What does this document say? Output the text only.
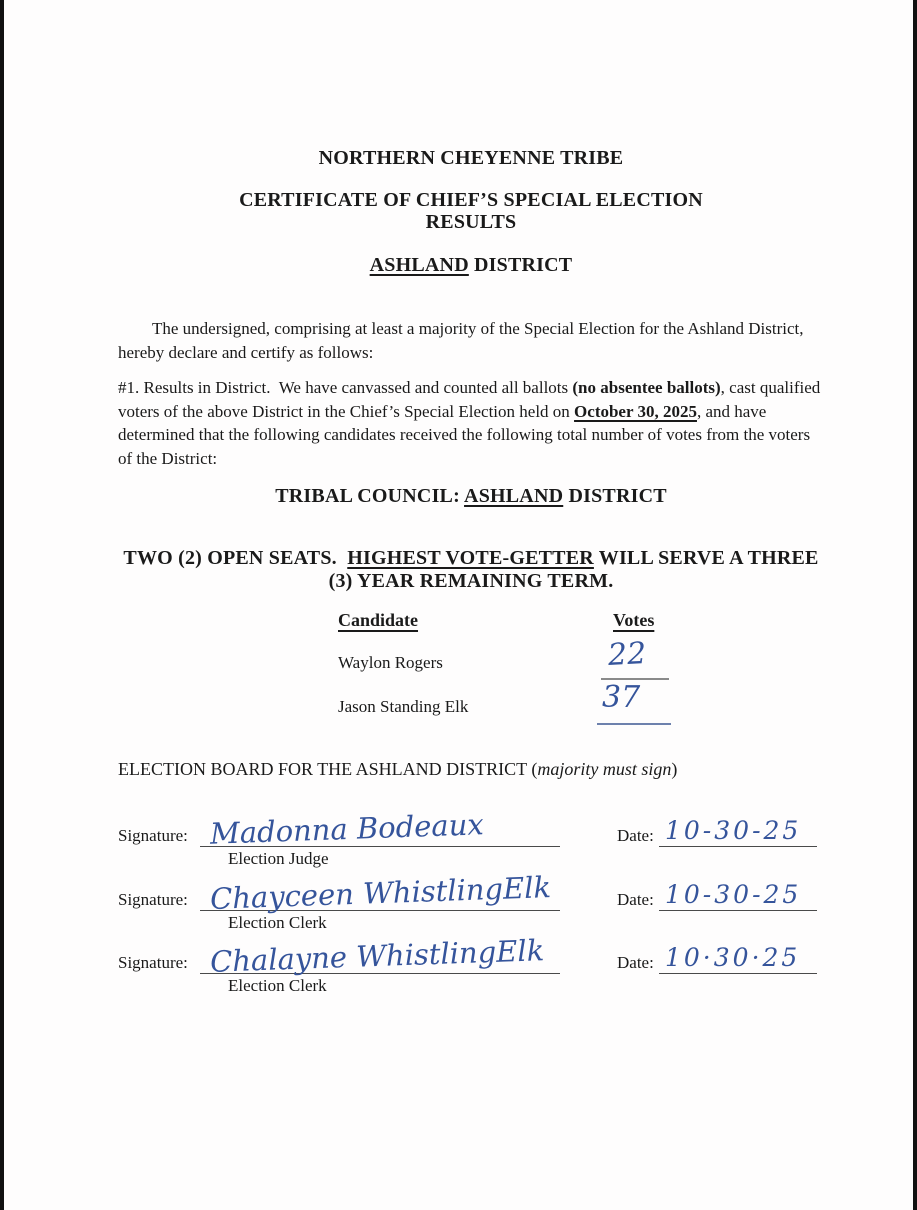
NORTHERN CHEYENNE TRIBE
CERTIFICATE OF CHIEF’S SPECIAL ELECTION
RESULTS
ASHLAND DISTRICT

The undersigned, comprising at least a majority of the Special Election for the Ashland District, hereby declare and certify as follows:

#1. Results in District.  We have canvassed and counted all ballots (no absentee ballots), cast qualified voters of the above District in the Chief’s Special Election held on October 30, 2025, and have determined that the following candidates received the following total number of votes from the voters of the District:

TRIBAL COUNCIL: ASHLAND DISTRICT
TWO (2) OPEN SEATS.  HIGHEST VOTE-GETTER WILL SERVE A THREE (3) YEAR REMAINING TERM.
Candidate	Votes
Waylon Rogers	22
Jason Standing Elk	37
ELECTION BOARD FOR THE ASHLAND DISTRICT (majority must sign)
Signature: Madonna Bodeaux
Election Judge
Date: 10-30-25
Signature: Chayceen WhistlingElk
Election Clerk
Date: 10-30-25
Signature: Chalayne WhistlingElk
Election Clerk
Date: 10·30·25
